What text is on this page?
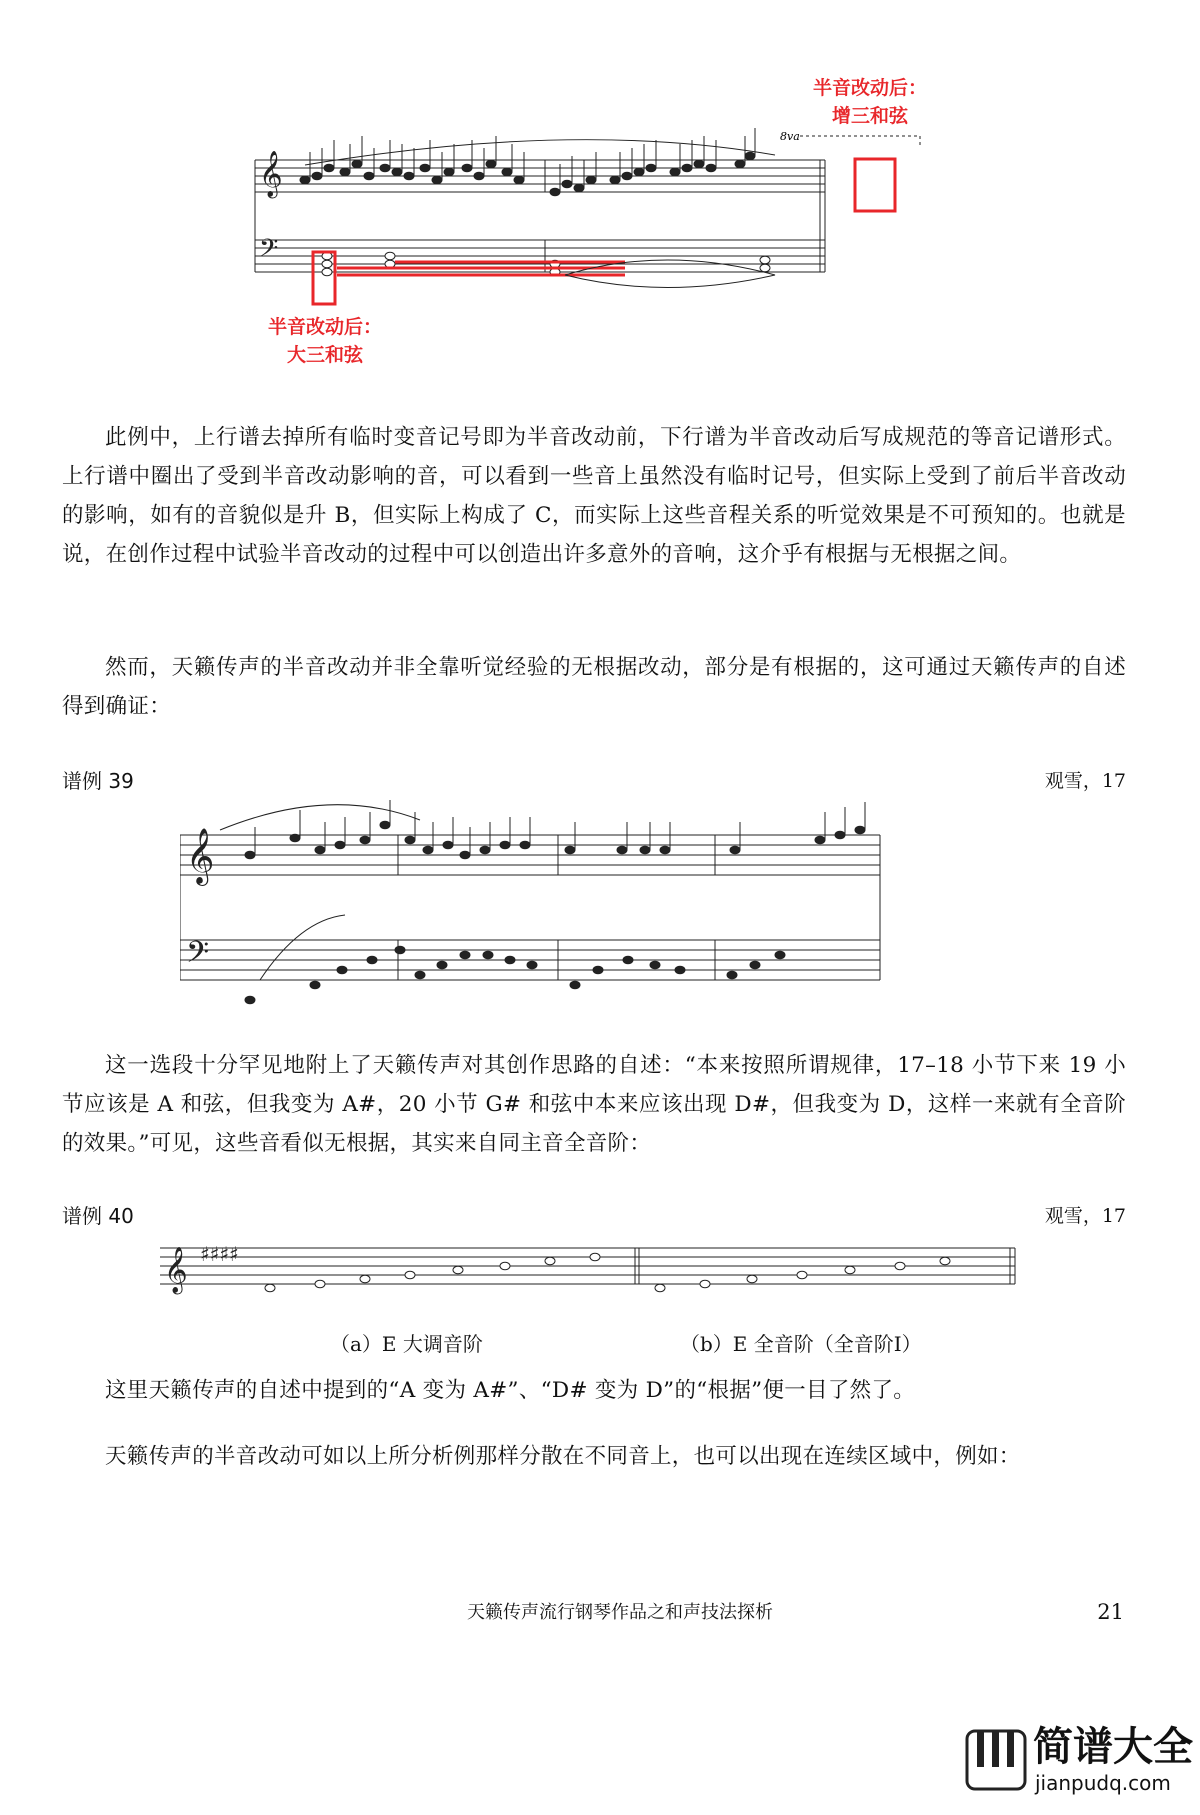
半音改动后：
增三和弦
𝄞
𝄢
8va
半音改动后：
大三和弦

此例中，上行谱去掉所有临时变音记号即为半音改动前，下行谱为半音改动后写成规范的等音记谱形式。上行谱中圈出了受到半音改动影响的音，可以看到一些音上虽然没有临时记号，但实际上受到了前后半音改动的影响，如有的音貌似是升 B，但实际上构成了 C，而实际上这些音程关系的听觉效果是不可预知的。也就是说，在创作过程中试验半音改动的过程中可以创造出许多意外的音响，这介乎有根据与无根据之间。

然而，天籁传声的半音改动并非全靠听觉经验的无根据改动，部分是有根据的，这可通过天籁传声的自述得到确证：

谱例 39	观雪，17
𝄞
𝄢

这一选段十分罕见地附上了天籁传声对其创作思路的自述：“本来按照所谓规律，17–18 小节下来 19 小节应该是 A 和弦，但我变为 A#，20 小节 G# 和弦中本来应该出现 D#，但我变为 D，这样一来就有全音阶的效果。”可见，这些音看似无根据，其实来自同主音全音阶：

谱例 40	观雪，17
𝄞 ♯♯♯♯
（a）E 大调音阶	（b）E 全音阶（全音阶Ⅰ）

这里天籁传声的自述中提到的“A 变为 A#”、“D# 变为 D”的“根据”便一目了然了。

天籁传声的半音改动可如以上所分析例那样分散在不同音上，也可以出现在连续区域中，例如：

天籁传声流行钢琴作品之和声技法探析	21
简谱大全
jianpudq.com
